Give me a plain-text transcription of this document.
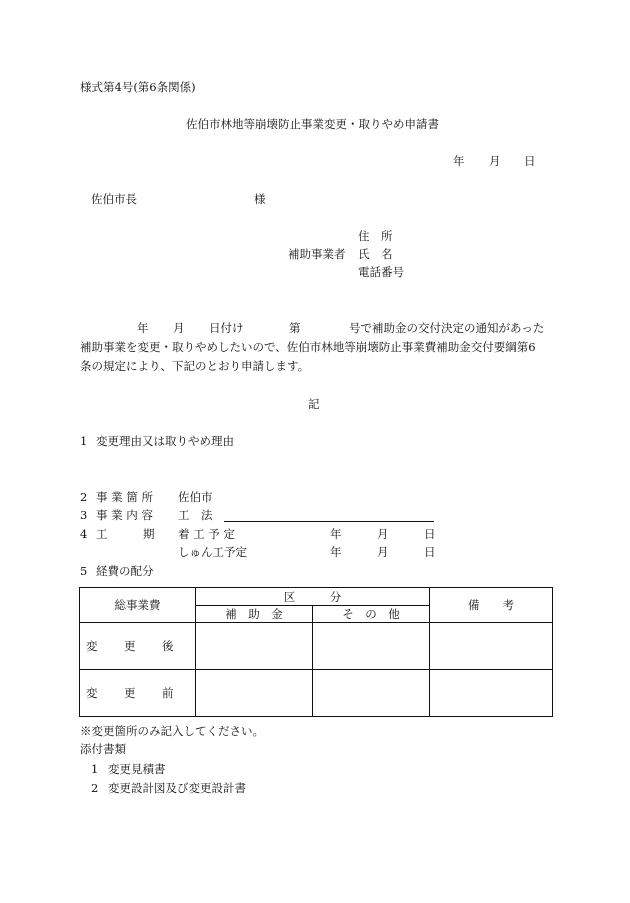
様式第4号(第6条関係)
佐伯市林地等崩壊防止事業変更・取りやめ申請書
年 月 日
佐伯市長	様
住　所
補助事業者 氏　名
電話番号
年 月 日付け	第	号で補助金の交付決定の通知があった
補助事業を変更・取りやめしたいので、佐伯市林地等崩壊防止事業費補助金交付要綱第6
条の規定により、下記のとおり申請します。
記
1 変更理由又は取りやめ理由
2 事 業 箇 所 佐伯市
3 事 業 内 容 工　法
4 工	期 着 工 予 定	年	月	日
しゅん工予定	年	月	日
5 経費の配分
総事業費	区　　　分		備　　考
	補　助　金	そ　の　他	
変 更 後			
変 更 前			
※変更箇所のみ記入してください。
添付書類
1 変更見積書
2 変更設計図及び変更設計書
